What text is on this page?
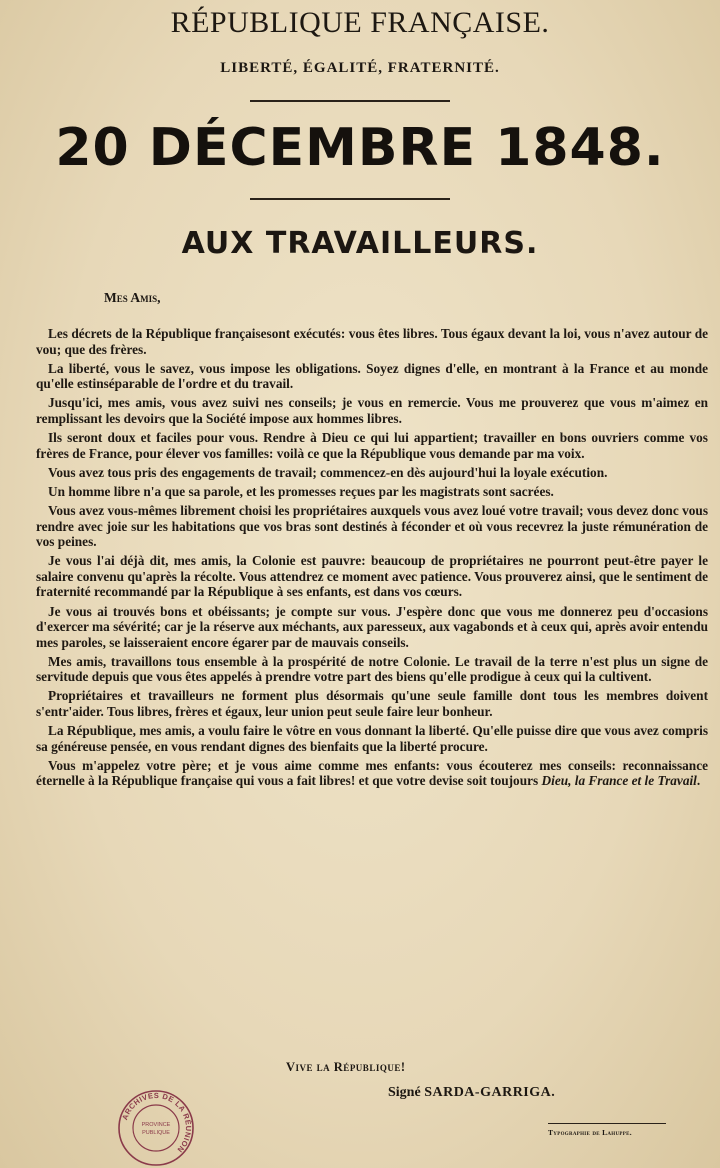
RÉPUBLIQUE FRANÇAISE.
LIBERTÉ, ÉGALITÉ, FRATERNITÉ.
20 DÉCEMBRE 1848.
AUX TRAVAILLEURS.
Mes Amis,

Les décrets de la République françaisesont exécutés: vous êtes libres. Tous égaux devant la loi, vous n'avez autour de vou; que des frères.

La liberté, vous le savez, vous impose les obligations. Soyez dignes d'elle, en montrant à la France et au monde qu'elle estinséparable de l'ordre et du travail.

Jusqu'ici, mes amis, vous avez suivi nes conseils; je vous en remercie. Vous me prouverez que vous m'aimez en remplissant les devoirs que la Société impose aux hommes libres.

Ils seront doux et faciles pour vous. Rendre à Dieu ce qui lui appartient; travailler en bons ouvriers comme vos frères de France, pour élever vos familles: voilà ce que la République vous demande par ma voix.

Vous avez tous pris des engagements de travail; commencez-en dès aujourd'hui la loyale exécution.

Un homme libre n'a que sa parole, et les promesses reçues par les magistrats sont sacrées.

Vous avez vous-mêmes librement choisi les propriétaires auxquels vous avez loué votre travail; vous devez donc vous rendre avec joie sur les habitations que vos bras sont destinés à féconder et où vous recevrez la juste rémunération de vos peines.

Je vous l'ai déjà dit, mes amis, la Colonie est pauvre: beaucoup de propriétaires ne pourront peut-être payer le salaire convenu qu'après la récolte. Vous attendrez ce moment avec patience. Vous prouverez ainsi, que le sentiment de fraternité recommandé par la République à ses enfants, est dans vos cœurs.

Je vous ai trouvés bons et obéissants; je compte sur vous. J'espère donc que vous me donnerez peu d'occasions d'exercer ma sévérité; car je la réserve aux méchants, aux paresseux, aux vagabonds et à ceux qui, après avoir entendu mes paroles, se laisseraient encore égarer par de mauvais conseils.

Mes amis, travaillons tous ensemble à la prospérité de notre Colonie. Le travail de la terre n'est plus un signe de servitude depuis que vous êtes appelés à prendre votre part des biens qu'elle prodigue à ceux qui la cultivent.

Propriétaires et travailleurs ne forment plus désormais qu'une seule famille dont tous les membres doivent s'entr'aider. Tous libres, frères et égaux, leur union peut seule faire leur bonheur.

La République, mes amis, a voulu faire le vôtre en vous donnant la liberté. Qu'elle puisse dire que vous avez compris sa généreuse pensée, en vous rendant dignes des bienfaits que la liberté procure.

Vous m'appelez votre père; et je vous aime comme mes enfants: vous écouterez mes conseils: reconnaissance éternelle à la République française qui vous a fait libres! et que votre devise soit toujours Dieu, la France et le Travail.

Vive la République!
Signé SARDA-GARRIGA.
Typographie de Lahuppe.
ARCHIVES DE LA RÉUNION
PROVINCE
PUBLIQUE
